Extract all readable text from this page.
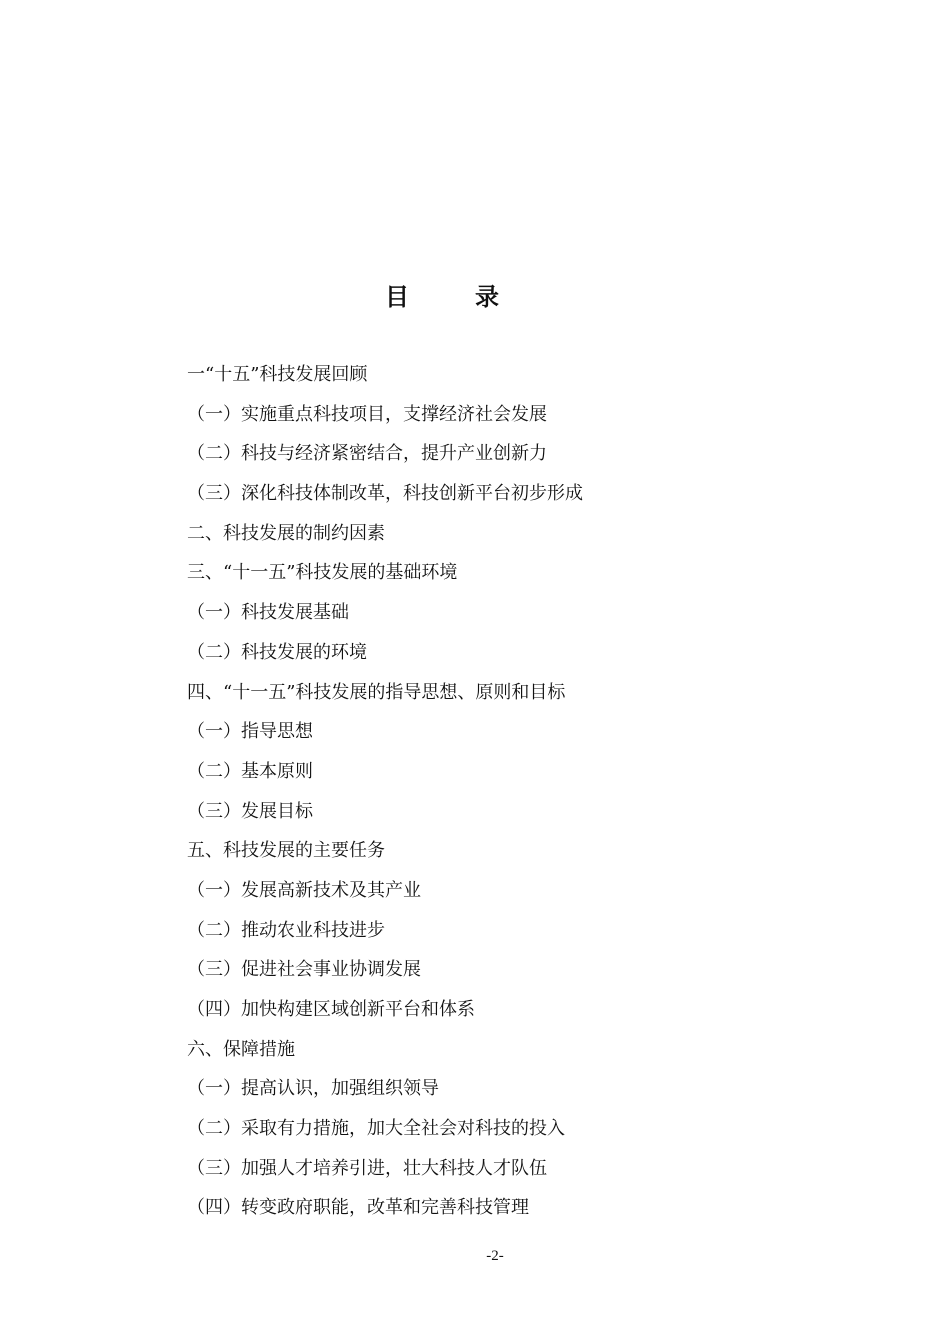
目录
一“十五”科技发展回顾
（一）实施重点科技项目，支撑经济社会发展
（二）科技与经济紧密结合，提升产业创新力
（三）深化科技体制改革，科技创新平台初步形成
二、科技发展的制约因素
三、“十一五”科技发展的基础环境
（一）科技发展基础
（二）科技发展的环境
四、“十一五”科技发展的指导思想、原则和目标
（一）指导思想
（二）基本原则
（三）发展目标
五、科技发展的主要任务
（一）发展高新技术及其产业
（二）推动农业科技进步
（三）促进社会事业协调发展
（四）加快构建区域创新平台和体系
六、保障措施
（一）提高认识，加强组织领导
（二）采取有力措施，加大全社会对科技的投入
（三）加强人才培养引进，壮大科技人才队伍
（四）转变政府职能，改革和完善科技管理
-2-
